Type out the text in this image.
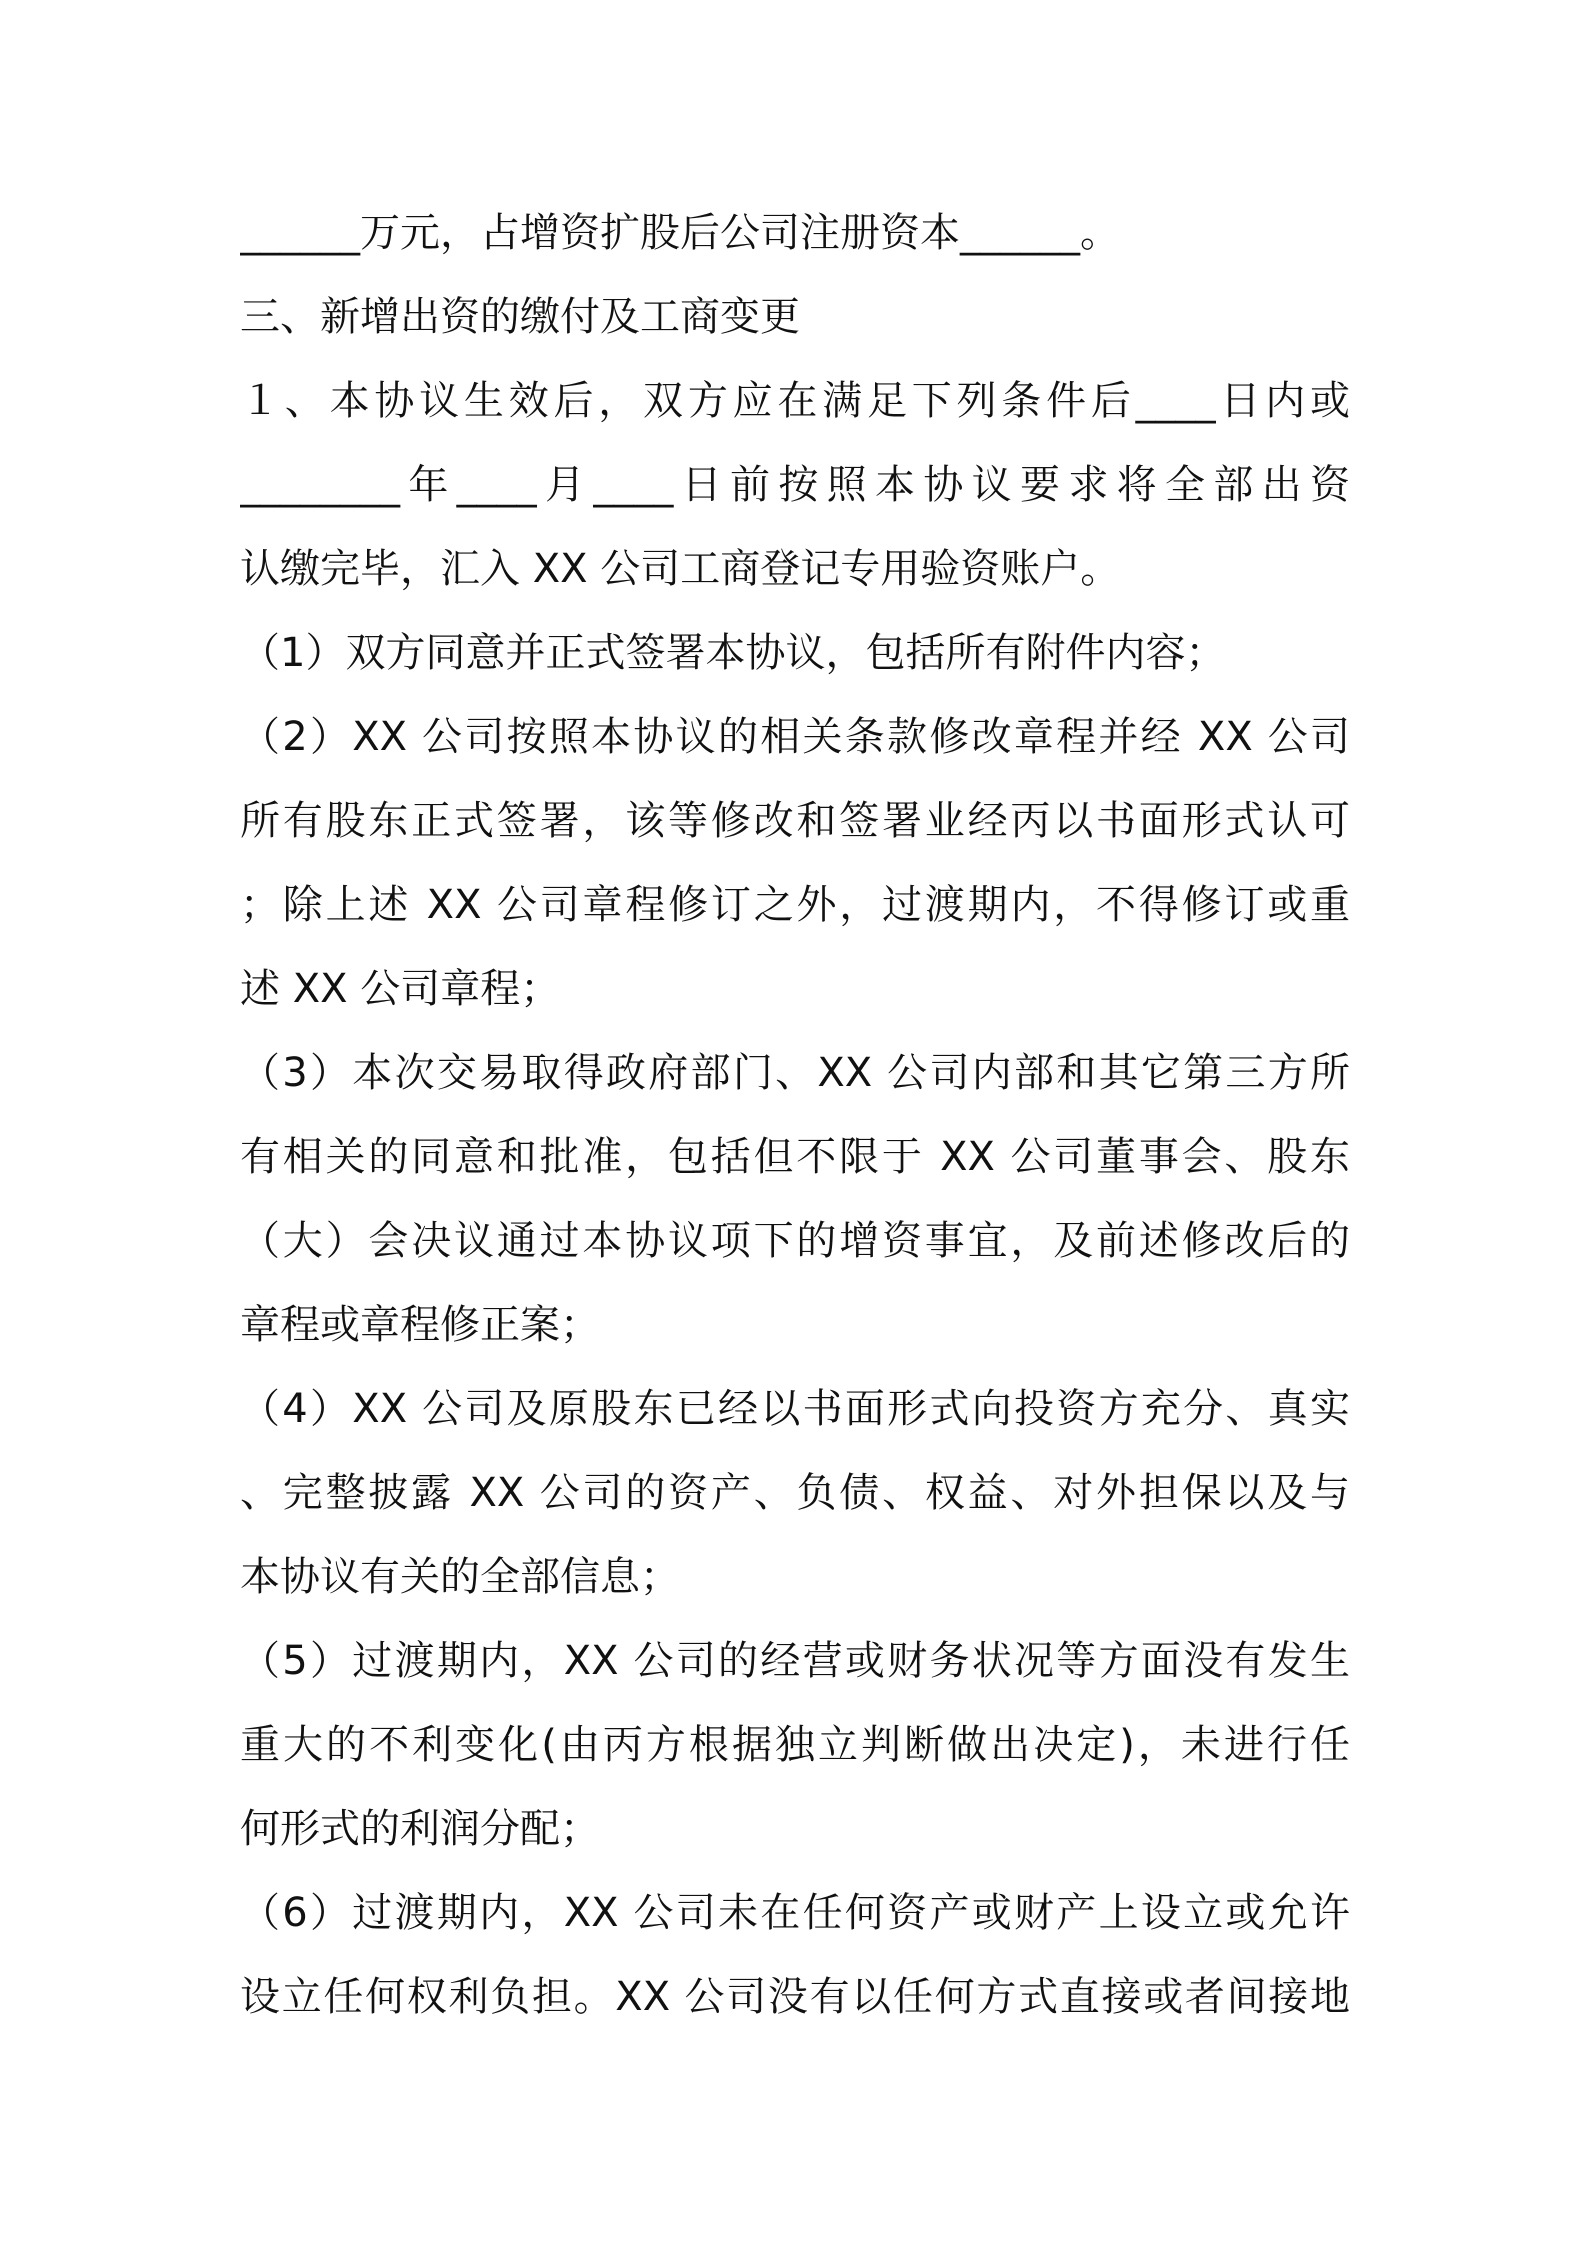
______万元，占增资扩股后公司注册资本______。
三、新增出资的缴付及工商变更
１、本协议生效后，双方应在满足下列条件后____日内或
________年____月____日前按照本协议要求将全部出资
认缴完毕，汇入 XX 公司工商登记专用验资账户。
（1）双方同意并正式签署本协议，包括所有附件内容；
（2）XX 公司按照本协议的相关条款修改章程并经 XX 公司
所有股东正式签署，该等修改和签署业经丙以书面形式认可
；除上述 XX 公司章程修订之外，过渡期内，不得修订或重
述 XX 公司章程；
（3）本次交易取得政府部门、XX 公司内部和其它第三方所
有相关的同意和批准，包括但不限于 XX 公司董事会、股东
（大）会决议通过本协议项下的增资事宜，及前述修改后的
章程或章程修正案；
（4）XX 公司及原股东已经以书面形式向投资方充分、真实
、完整披露 XX 公司的资产、负债、权益、对外担保以及与
本协议有关的全部信息；
（5）过渡期内，XX 公司的经营或财务状况等方面没有发生
重大的不利变化(由丙方根据独立判断做出决定)，未进行任
何形式的利润分配；
（6）过渡期内，XX 公司未在任何资产或财产上设立或允许
设立任何权利负担。XX 公司没有以任何方式直接或者间接地
